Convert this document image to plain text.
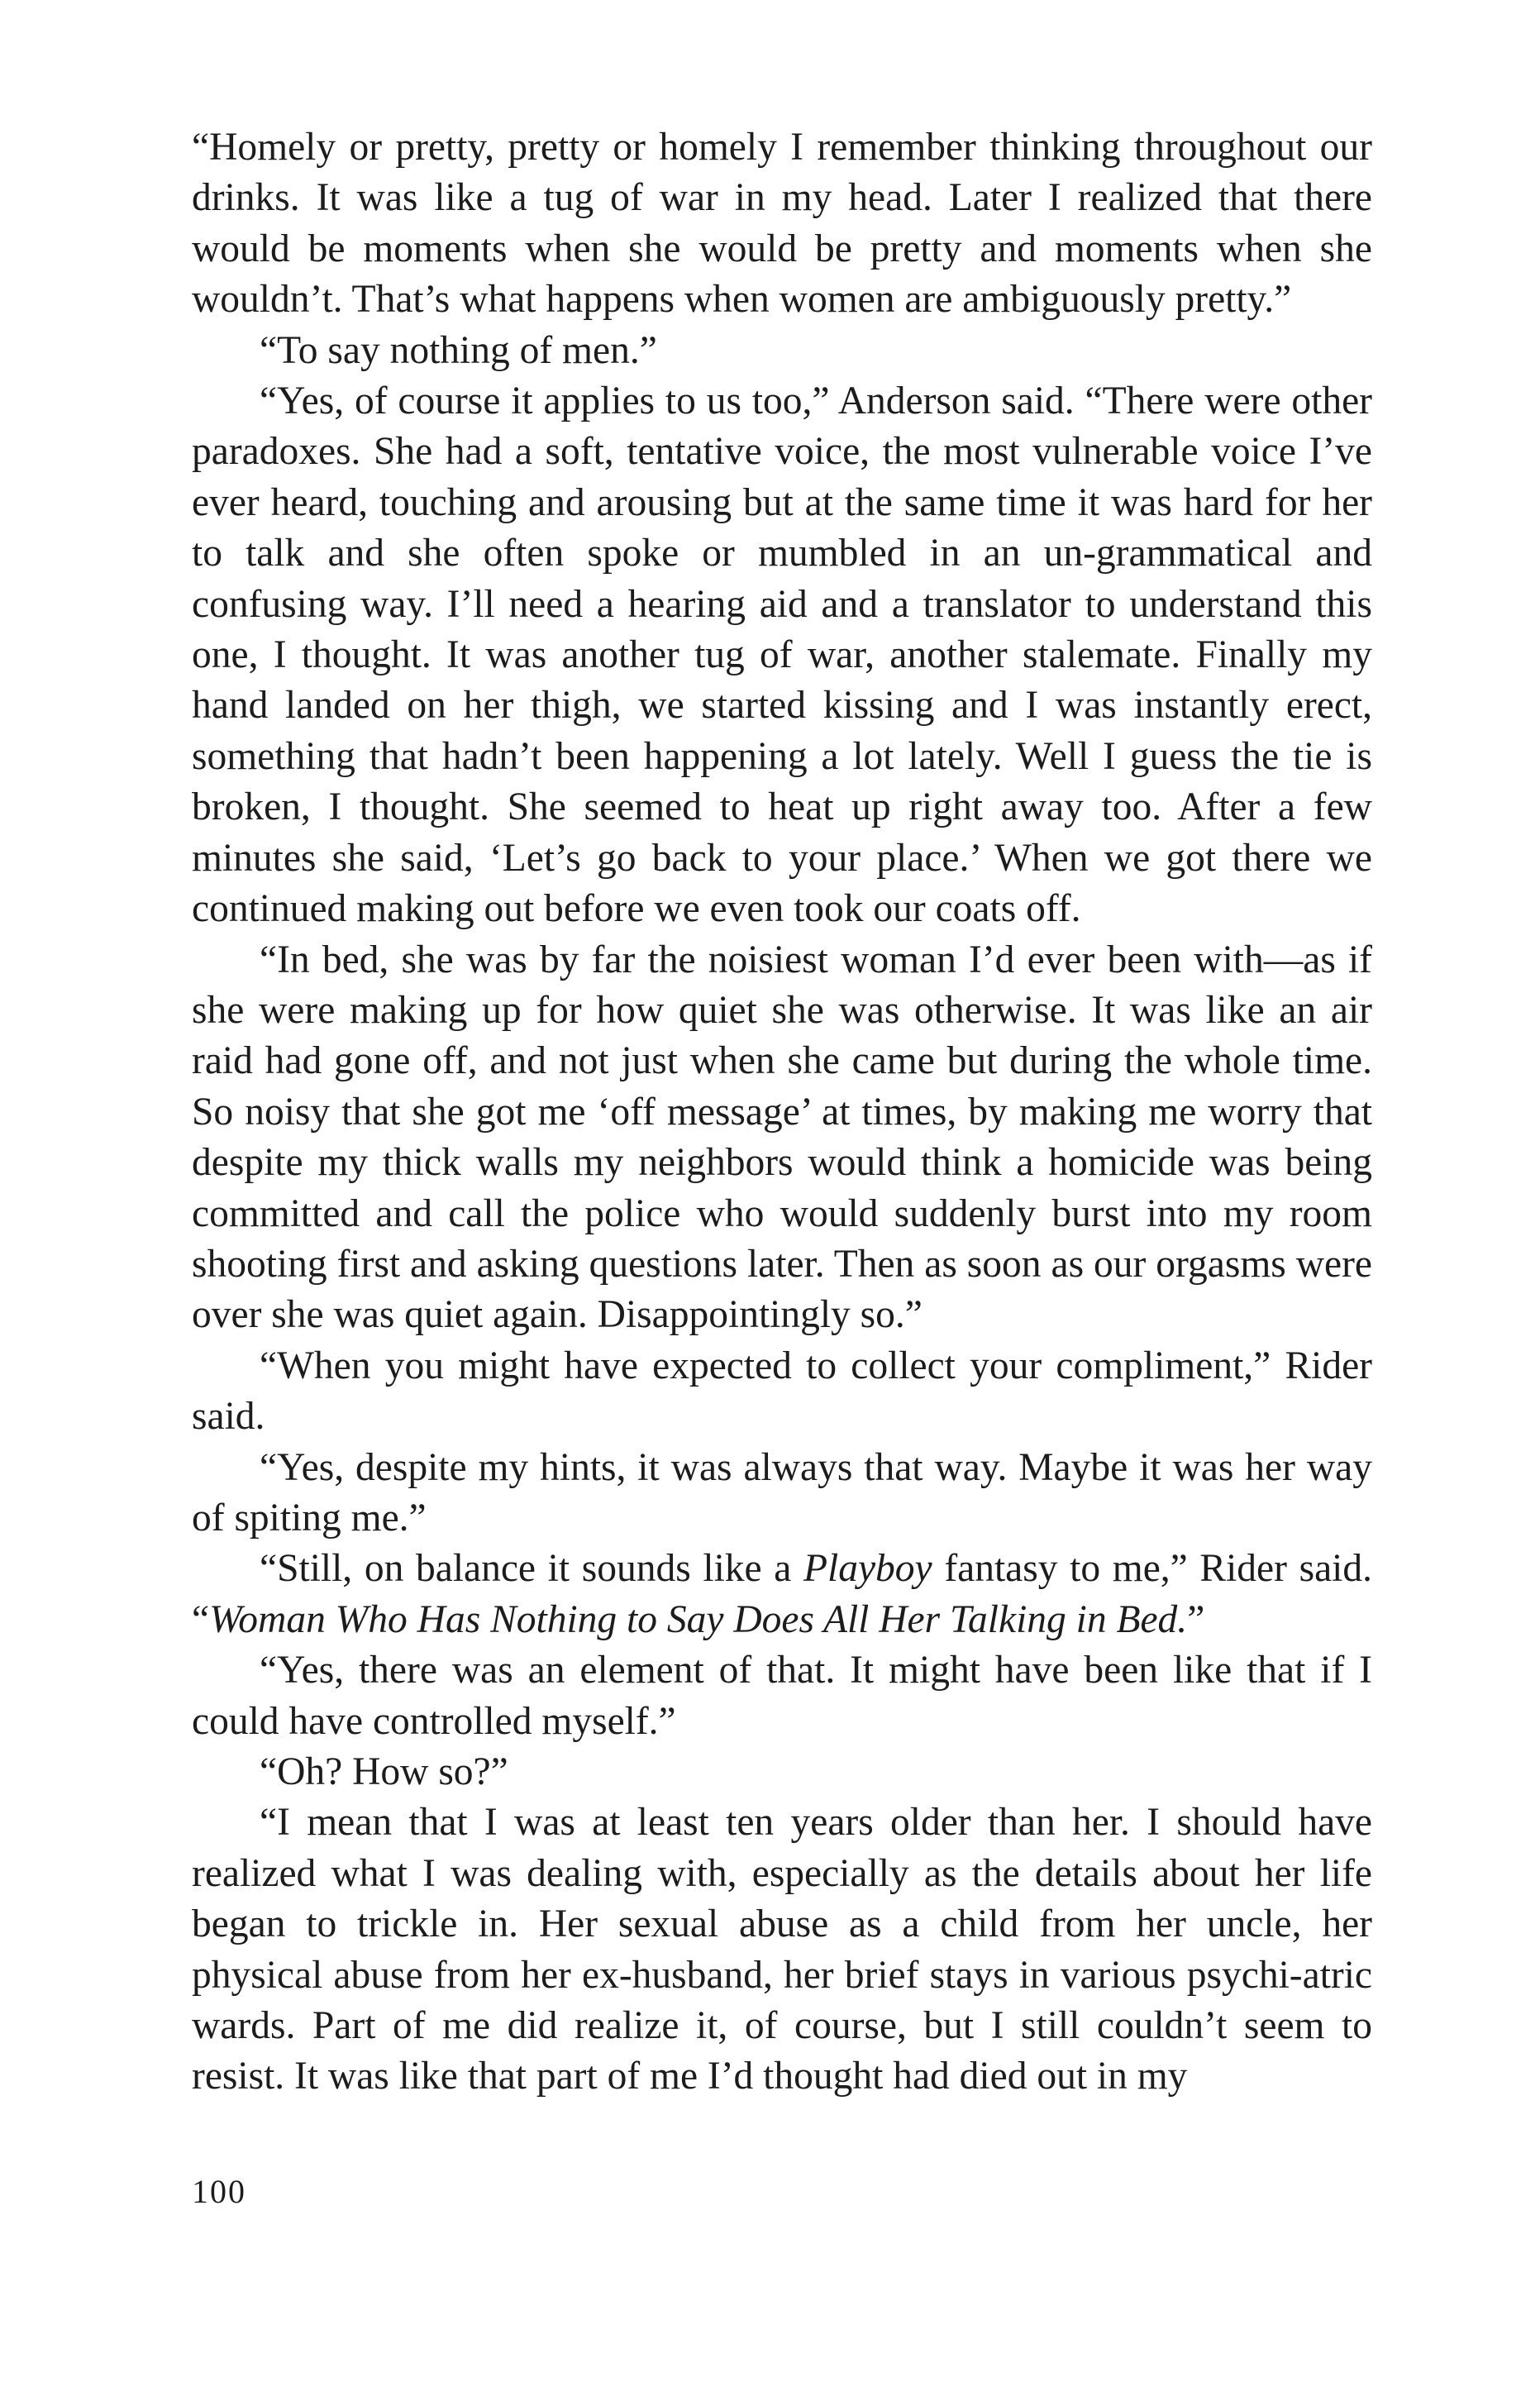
“Homely or pretty, pretty or homely I remember thinking throughout our drinks. It was like a tug of war in my head. Later I realized that there would be moments when she would be pretty and moments when she wouldn’t. That’s what happens when women are ambiguously pretty.”

“To say nothing of men.”

“Yes, of course it applies to us too,” Anderson said. “There were other paradoxes. She had a soft, tentative voice, the most vulnerable voice I’ve ever heard, touching and arousing but at the same time it was hard for her to talk and she often spoke or mumbled in an un-grammatical and confusing way. I’ll need a hearing aid and a translator to understand this one, I thought. It was another tug of war, another stalemate. Finally my hand landed on her thigh, we started kissing and I was instantly erect, something that hadn’t been happening a lot lately. Well I guess the tie is broken, I thought. She seemed to heat up right away too. After a few minutes she said, ‘Let’s go back to your place.’ When we got there we continued making out before we even took our coats off.

“In bed, she was by far the noisiest woman I’d ever been with—as if she were making up for how quiet she was otherwise. It was like an air raid had gone off, and not just when she came but during the whole time. So noisy that she got me ‘off message’ at times, by making me worry that despite my thick walls my neighbors would think a homicide was being committed and call the police who would suddenly burst into my room shooting first and asking questions later. Then as soon as our orgasms were over she was quiet again. Disappointingly so.”

“When you might have expected to collect your compliment,” Rider said.

“Yes, despite my hints, it was always that way. Maybe it was her way of spiting me.”

“Still, on balance it sounds like a Playboy fantasy to me,” Rider said. “Woman Who Has Nothing to Say Does All Her Talking in Bed.”

“Yes, there was an element of that. It might have been like that if I could have controlled myself.”

“Oh? How so?”

“I mean that I was at least ten years older than her. I should have realized what I was dealing with, especially as the details about her life began to trickle in. Her sexual abuse as a child from her uncle, her physical abuse from her ex-husband, her brief stays in various psychi-atric wards. Part of me did realize it, of course, but I still couldn’t seem to resist. It was like that part of me I’d thought had died out in my

100
